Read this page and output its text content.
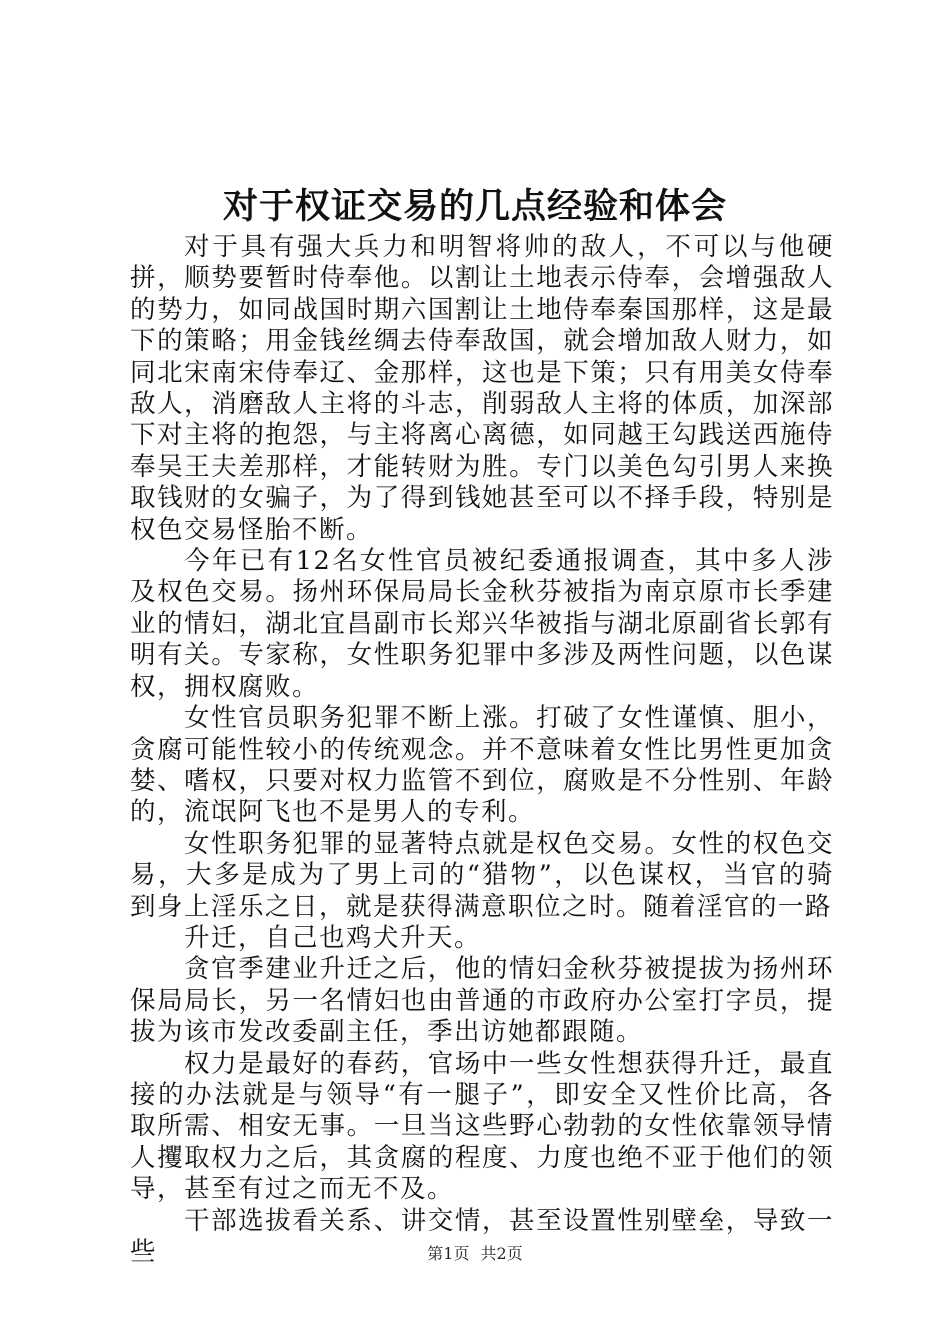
对于权证交易的几点经验和体会

对于具有强大兵力和明智将帅的敌人，不可以与他硬拼，顺势要暂时侍奉他。以割让土地表示侍奉，会增强敌人的势力，如同战国时期六国割让土地侍奉秦国那样，这是最下的策略；用金钱丝绸去侍奉敌国，就会增加敌人财力，如同北宋南宋侍奉辽、金那样，这也是下策；只有用美女侍奉敌人，消磨敌人主将的斗志，削弱敌人主将的体质，加深部下对主将的抱怨，与主将离心离德，如同越王勾践送西施侍奉吴王夫差那样，才能转财为胜。专门以美色勾引男人来换取钱财的女骗子，为了得到钱她甚至可以不择手段，特别是权色交易怪胎不断。

今年已有12名女性官员被纪委通报调查，其中多人涉及权色交易。扬州环保局局长金秋芬被指为南京原市长季建业的情妇，湖北宜昌副市长郑兴华被指与湖北原副省长郭有明有关。专家称，女性职务犯罪中多涉及两性问题，以色谋权，拥权腐败。

女性官员职务犯罪不断上涨。打破了女性谨慎、胆小，贪腐可能性较小的传统观念。并不意味着女性比男性更加贪婪、嗜权，只要对权力监管不到位，腐败是不分性别、年龄的，流氓阿飞也不是男人的专利。

女性职务犯罪的显著特点就是权色交易。女性的权色交易，大多是成为了男上司的“猎物”，以色谋权，当官的骑到身上淫乐之日，就是获得满意职位之时。随着淫官的一路

升迁，自己也鸡犬升天。

贪官季建业升迁之后，他的情妇金秋芬被提拔为扬州环保局局长，另一名情妇也由普通的市政府办公室打字员，提拔为该市发改委副主任，季出访她都跟随。

权力是最好的春药，官场中一些女性想获得升迁，最直接的办法就是与领导“有一腿子”，即安全又性价比高，各取所需、相安无事。一旦当这些野心勃勃的女性依靠领导情人攫取权力之后，其贪腐的程度、力度也绝不亚于他们的领导，甚至有过之而无不及。

干部选拔看关系、讲交情，甚至设置性别壁垒，导致一些	第1页 共2页
